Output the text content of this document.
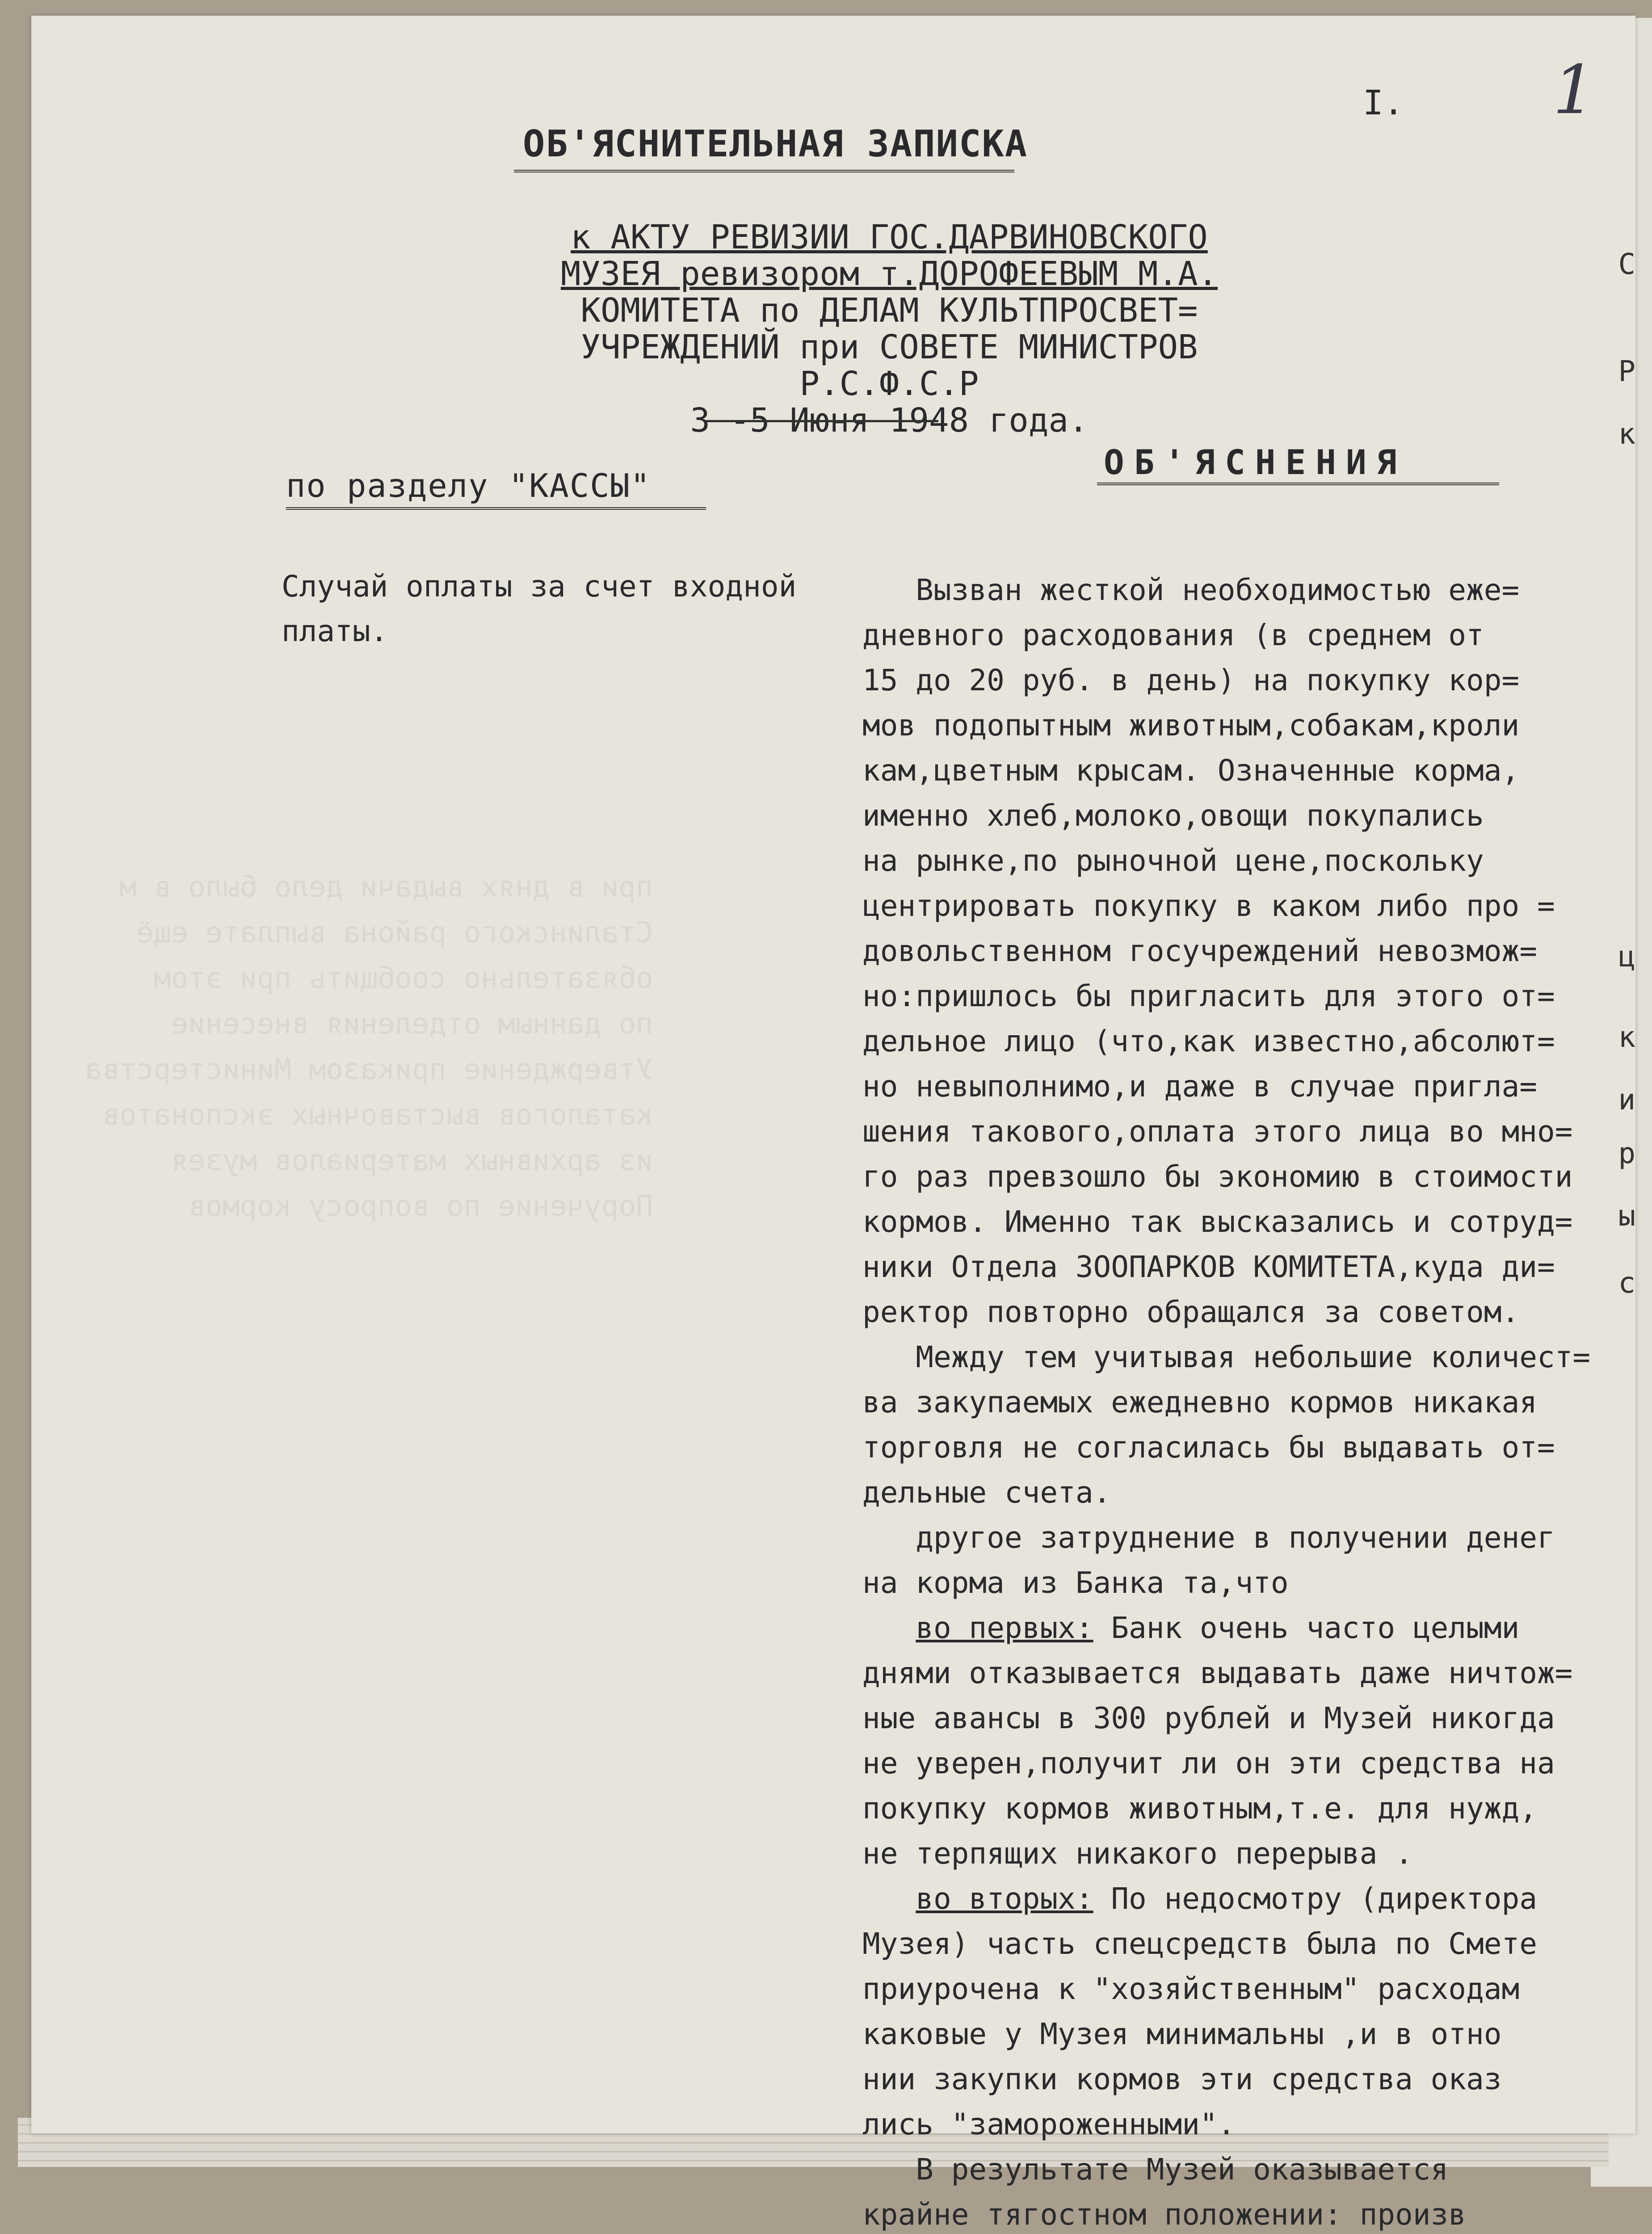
при в днях выдачи дело было в м
Сталинского района выплате ещё
обязательно сообщить при этом
по данным отделения внесение
Утверждение приказом Министерства
каталогов выставочных экспонатов
из архивных материалов музея
Поручение по вопросу кормов
С
Р
к
ц
к
и
р
ы
с
I. 1
ОБ'ЯСНИТЕЛЬНАЯ ЗАПИСКА
к АКТУ РЕВИЗИИ ГОС.ДАРВИНОВСКОГО
МУЗЕЯ ревизором т.ДОРОФЕЕВЫМ М.А.
КОМИТЕТА по ДЕЛАМ КУЛЬТПРОСВЕТ=
УЧРЕЖДЕНИЙ при СОВЕТЕ МИНИСТРОВ
Р.С.Ф.С.Р
3 -5 Июня 1948 года.
по разделу "КАССЫ"
ОБ'ЯСНЕНИЯ
Случай оплаты за счет входной
платы.
Вызван жесткой необходимостью еже=
дневного расходования (в среднем от
15 до 20 руб. в день) на покупку кор=
мов подопытным животным,собакам,кроли
кам,цветным крысам. Означенные корма,
именно хлеб,молоко,овощи покупались
на рынке,по рыночной цене,поскольку
центрировать покупку в каком либо про =
довольственном госучреждений невозмож=
но:пришлось бы пригласить для этого от=
дельное лицо (что,как известно,абсолют=
но невыполнимо,и даже в случае пригла=
шения такового,оплата этого лица во мно=
го раз превзошло бы экономию в стоимости
кормов. Именно так высказались и сотруд=
ники Отдела ЗООПАРКОВ КОМИТЕТА,куда ди=
ректор повторно обращался за советом.
Между тем учитывая небольшие количест=
ва закупаемых ежедневно кормов никакая
торговля не согласилась бы выдавать от=
дельные счета.
другое затруднение в получении денег
на корма из Банка та,что
во первых: Банк очень часто целыми
днями отказывается выдавать даже ничтож=
ные авансы в 300 рублей и Музей никогда
не уверен,получит ли он эти средства на
покупку кормов животным,т.е. для нужд,
не терпящих никакого перерыва .
во вторых: По недосмотру (директора
Музея) часть спецсредств была по Смете
приурочена к "хозяйственным" расходам
каковые у Музея минимальны ,и в отно
нии закупки кормов эти средства оказ
лись "замороженными".
В результате Музей оказывается
крайне тягостном положении: произв
